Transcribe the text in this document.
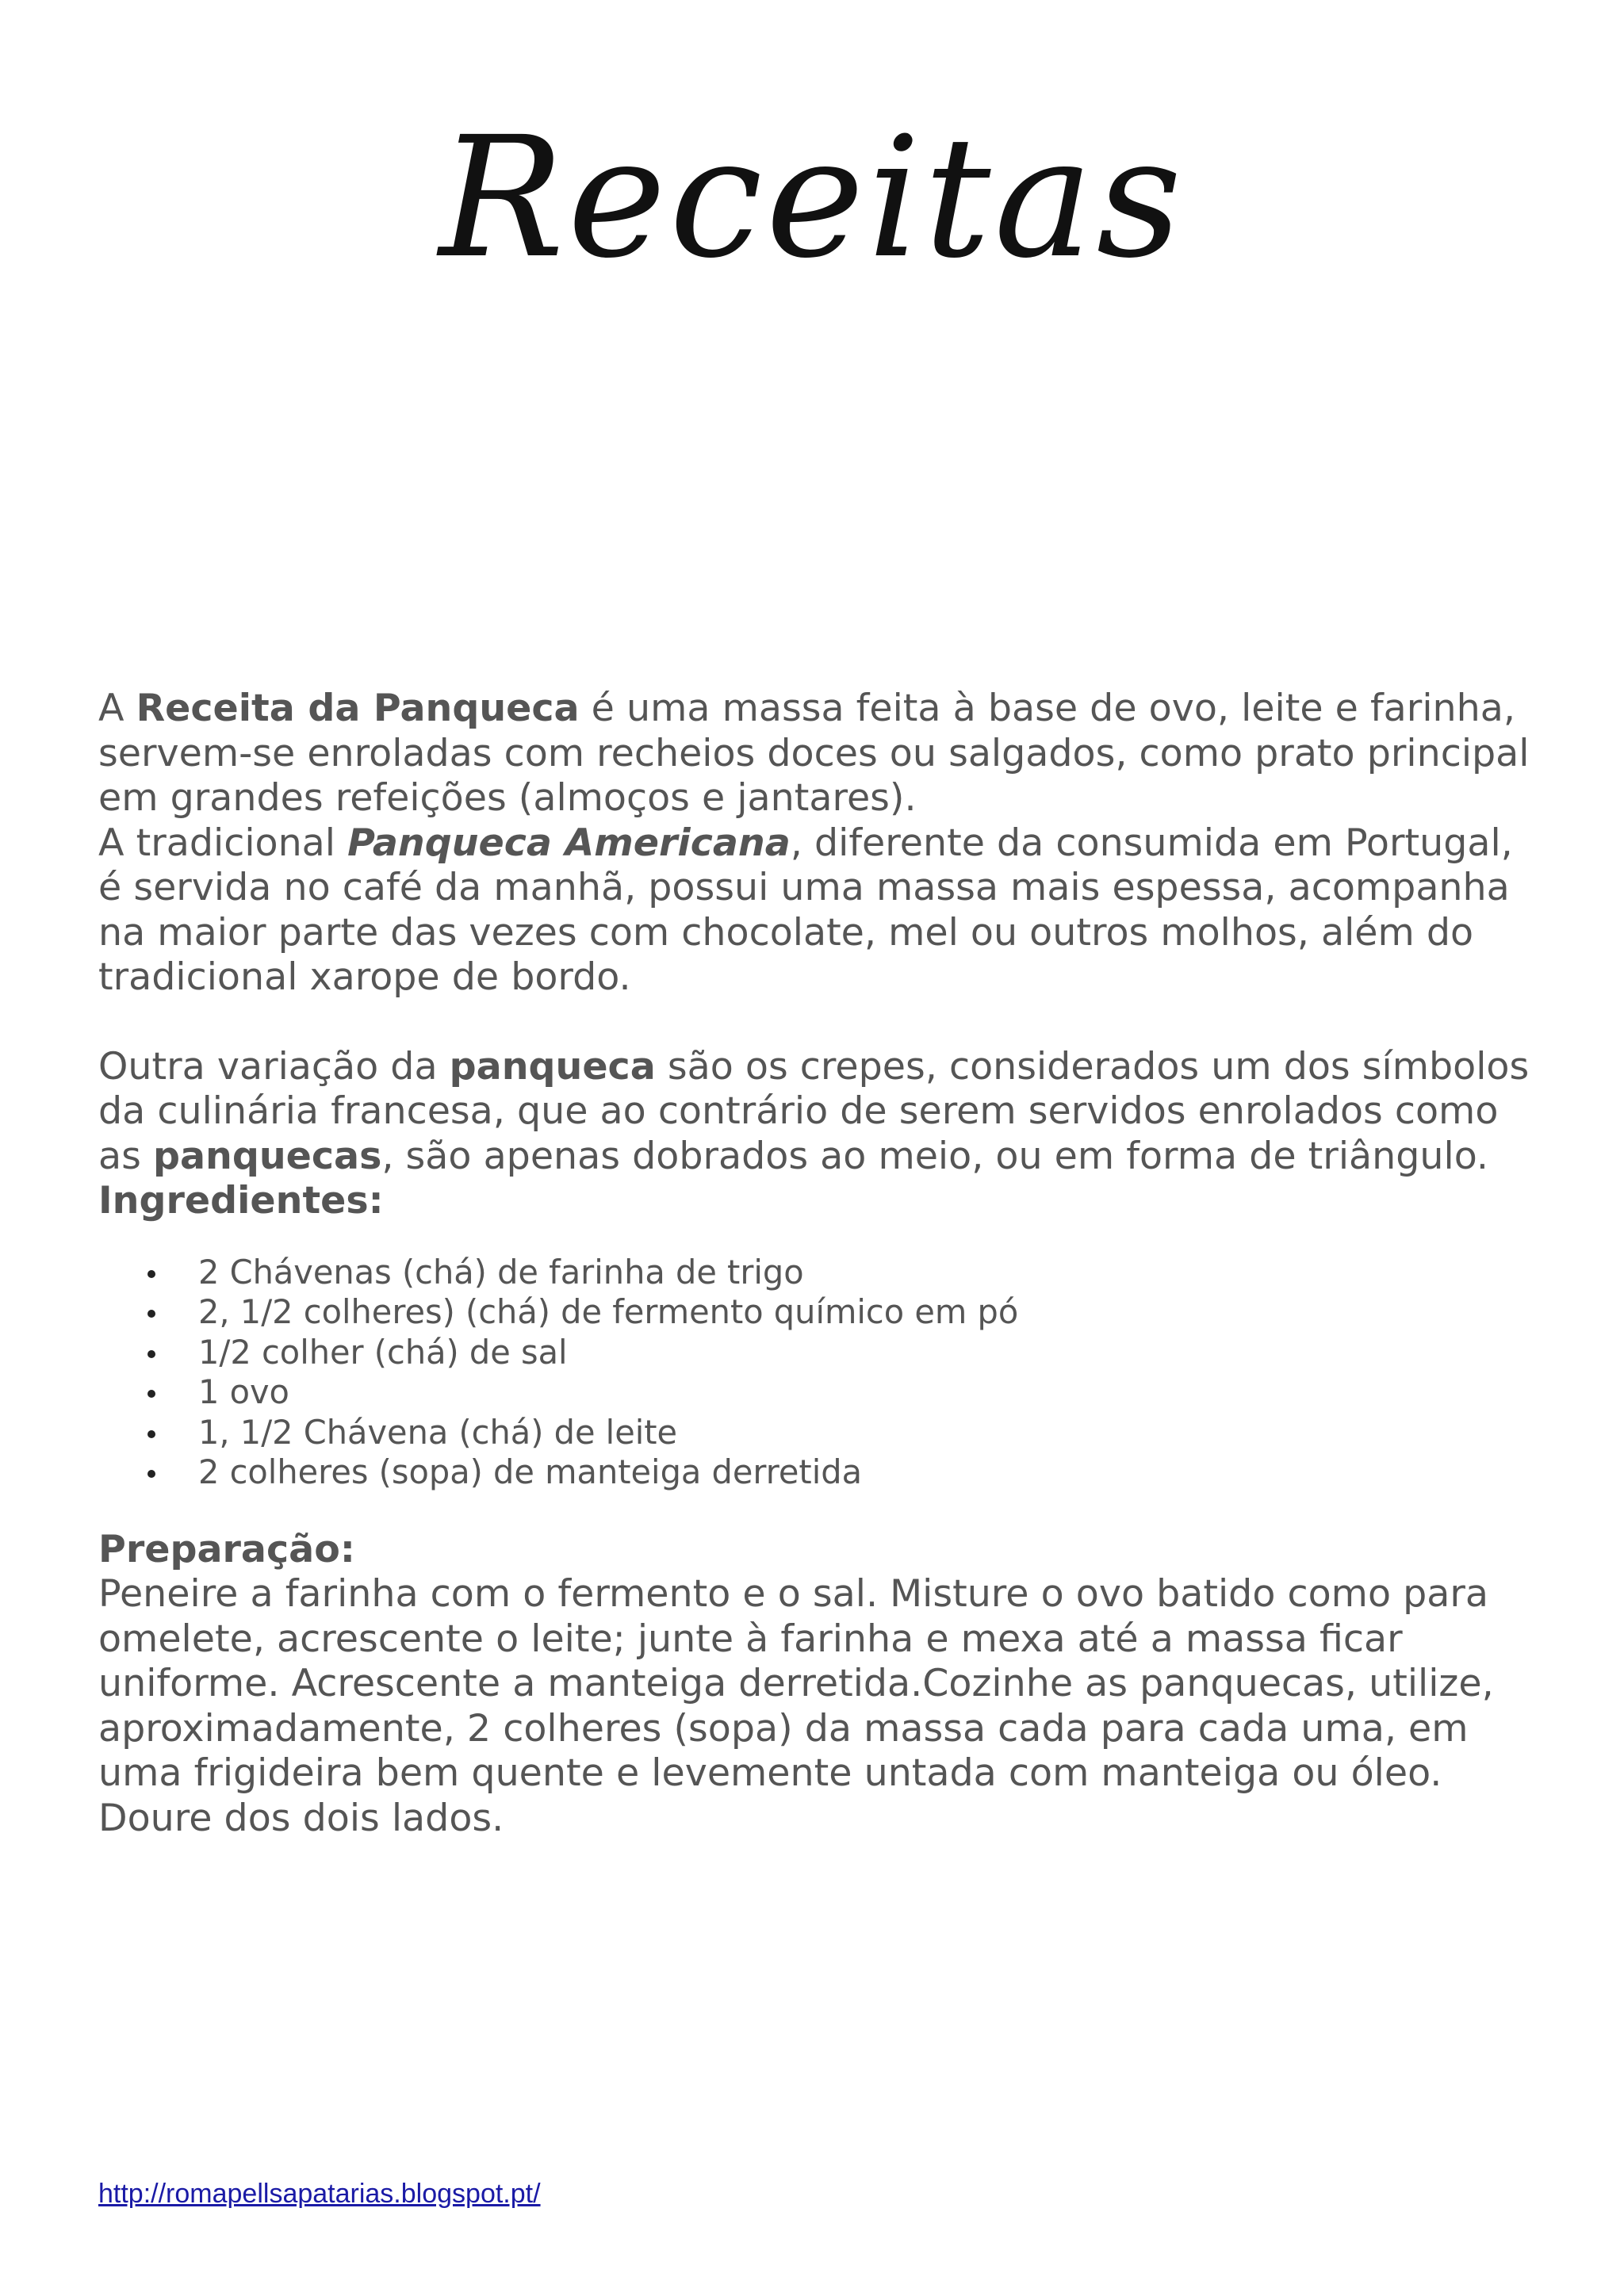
Receitas

A Receita da Panqueca é uma massa feita à base de ovo, leite e farinha, servem-se enroladas com recheios doces ou salgados, como prato principal em grandes refeições (almoços e jantares).

A tradicional Panqueca Americana, diferente da consumida em Portugal, é servida no café da manhã, possui uma massa mais espessa, acompanha na maior parte das vezes com chocolate, mel ou outros molhos, além do tradicional xarope de bordo.

Outra variação da panqueca são os crepes, considerados um dos símbolos da culinária francesa, que ao contrário de serem servidos enrolados como as panquecas, são apenas dobrados ao meio, ou em forma de triângulo.

Ingredientes:

2 Chávenas (chá) de farinha de trigo
2, 1/2 colheres) (chá) de fermento químico em pó
1/2 colher (chá) de sal
1 ovo
1, 1/2 Chávena (chá) de leite
2 colheres (sopa) de manteiga derretida

Preparação:

Peneire a farinha com o fermento e o sal. Misture o ovo batido como para omelete, acrescente o leite; junte à farinha e mexa até a massa ficar uniforme. Acrescente a manteiga derretida.Cozinhe as panquecas, utilize, aproximadamente, 2 colheres (sopa) da massa cada para cada uma, em uma frigideira bem quente e levemente untada com manteiga ou óleo. Doure dos dois lados.

http://romapellsapatarias.blogspot.pt/
